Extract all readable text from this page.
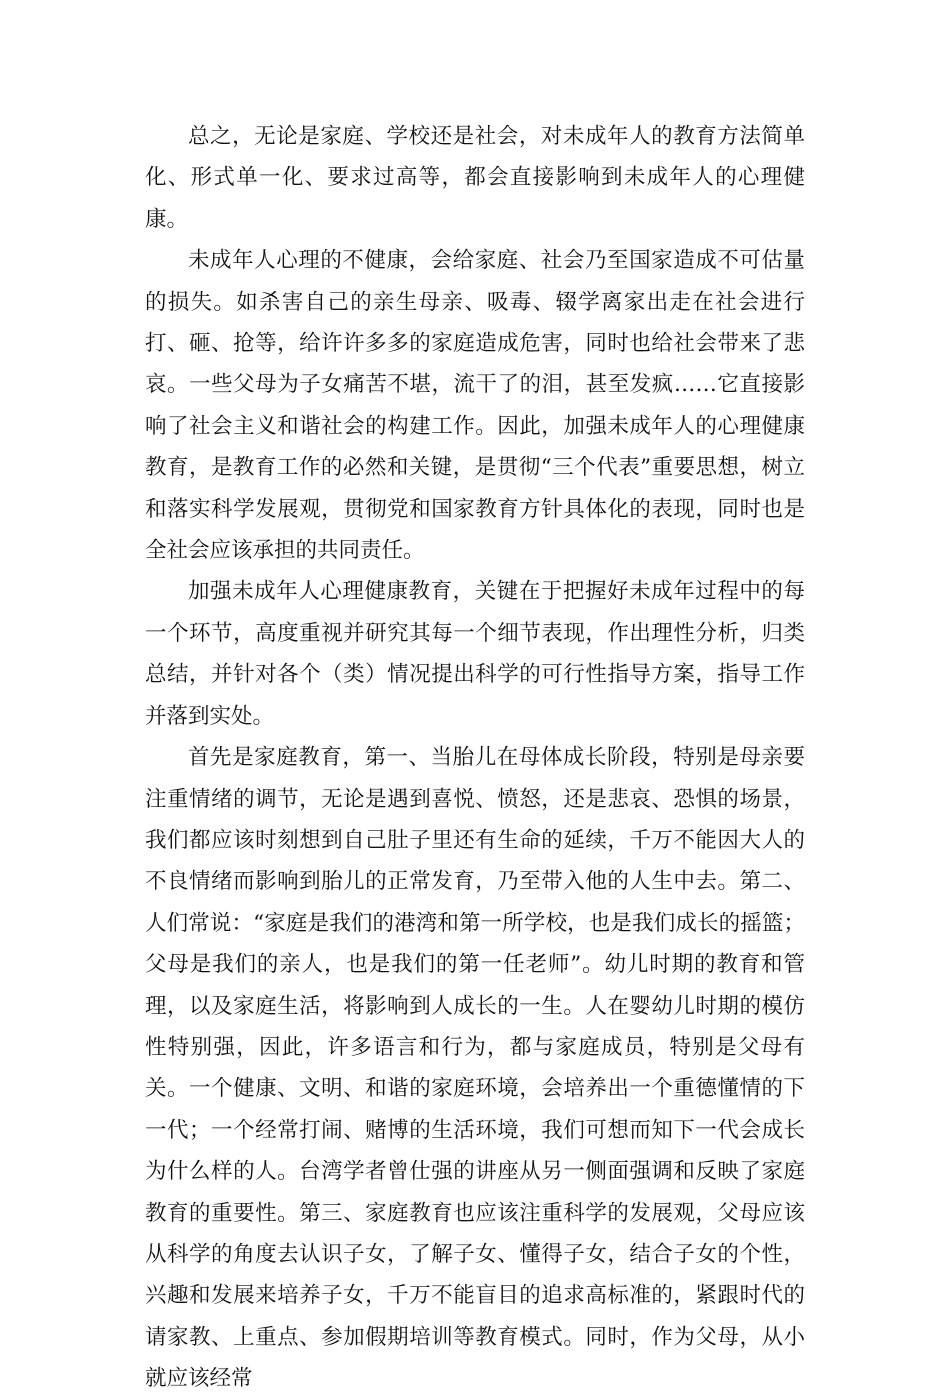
总之，无论是家庭、学校还是社会，对未成年人的教育方法简单化、形式单一化、要求过高等，都会直接影响到未成年人的心理健康。

未成年人心理的不健康，会给家庭、社会乃至国家造成不可估量的损失。如杀害自己的亲生母亲、吸毒、辍学离家出走在社会进行打、砸、抢等，给许许多多的家庭造成危害，同时也给社会带来了悲哀。一些父母为子女痛苦不堪，流干了的泪，甚至发疯……它直接影响了社会主义和谐社会的构建工作。因此，加强未成年人的心理健康教育，是教育工作的必然和关键，是贯彻“三个代表”重要思想，树立和落实科学发展观，贯彻党和国家教育方针具体化的表现，同时也是全社会应该承担的共同责任。

加强未成年人心理健康教育，关键在于把握好未成年过程中的每一个环节，高度重视并研究其每一个细节表现，作出理性分析，归类总结，并针对各个（类）情况提出科学的可行性指导方案，指导工作并落到实处。

首先是家庭教育，第一、当胎儿在母体成长阶段，特别是母亲要注重情绪的调节，无论是遇到喜悦、愤怒，还是悲哀、恐惧的场景，我们都应该时刻想到自己肚子里还有生命的延续，千万不能因大人的不良情绪而影响到胎儿的正常发育，乃至带入他的人生中去。第二、人们常说：“家庭是我们的港湾和第一所学校，也是我们成长的摇篮；父母是我们的亲人，也是我们的第一任老师”。幼儿时期的教育和管理，以及家庭生活，将影响到人成长的一生。人在婴幼儿时期的模仿性特别强，因此，许多语言和行为，都与家庭成员，特别是父母有关。一个健康、文明、和谐的家庭环境，会培养出一个重德懂情的下一代；一个经常打闹、赌博的生活环境，我们可想而知下一代会成长为什么样的人。台湾学者曾仕强的讲座从另一侧面强调和反映了家庭教育的重要性。第三、家庭教育也应该注重科学的发展观，父母应该从科学的角度去认识子女，了解子女、懂得子女，结合子女的个性，兴趣和发展来培养子女，千万不能盲目的追求高标准的，紧跟时代的请家教、上重点、参加假期培训等教育模式。同时，作为父母，从小就应该经常
